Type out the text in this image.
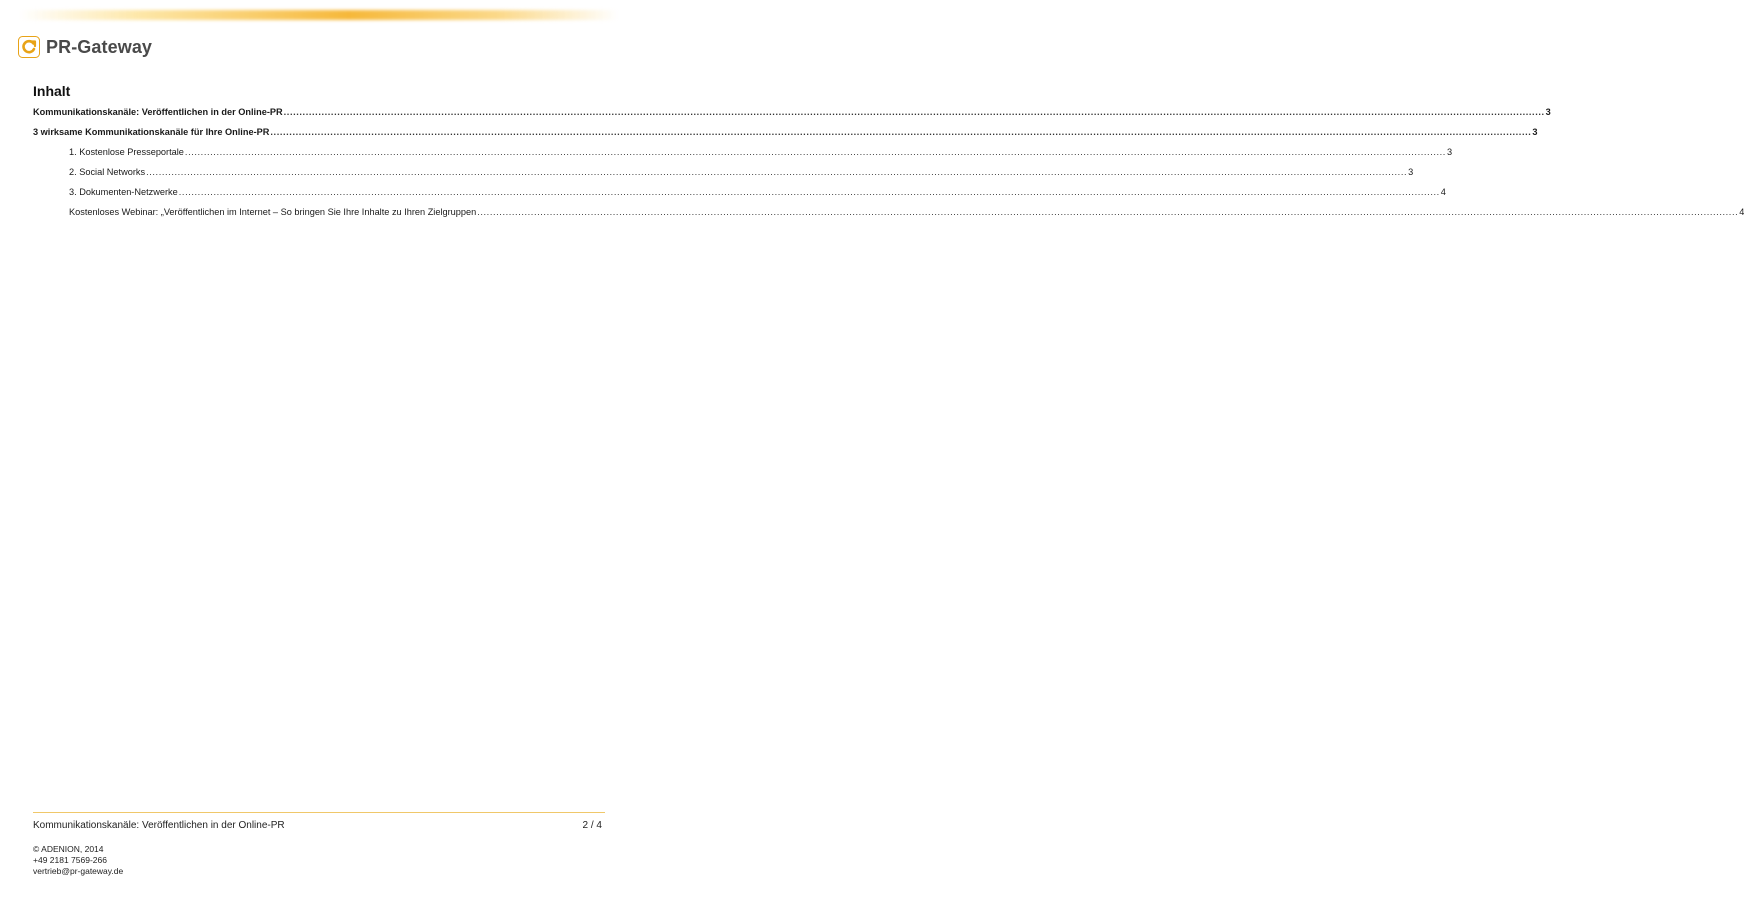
PR-Gateway
Inhalt
Kommunikationskanäle: Veröffentlichen in der Online-PR ................................................................................................................................................................................................................................................................................................................................................................................................................ 3
3 wirksame Kommunikationskanäle für Ihre Online-PR ................................................................................................................................................................................................................................................................................................................................................................................................................ 3
1. Kostenlose Presseportale ................................................................................................................................................................................................................................................................................................................................................................................................................ 3
2. Social Networks ................................................................................................................................................................................................................................................................................................................................................................................................................ 3
3. Dokumenten-Netzwerke ................................................................................................................................................................................................................................................................................................................................................................................................................ 4
Kostenloses Webinar: „Veröffentlichen im Internet – So bringen Sie Ihre Inhalte zu Ihren Zielgruppen ................................................................................................................................................................................................................................................................................................................................................................................................................ 4
Kommunikationskanäle: Veröffentlichen in der Online-PR	2 / 4
© ADENION, 2014
+49 2181 7569-266
vertrieb@pr-gateway.de
